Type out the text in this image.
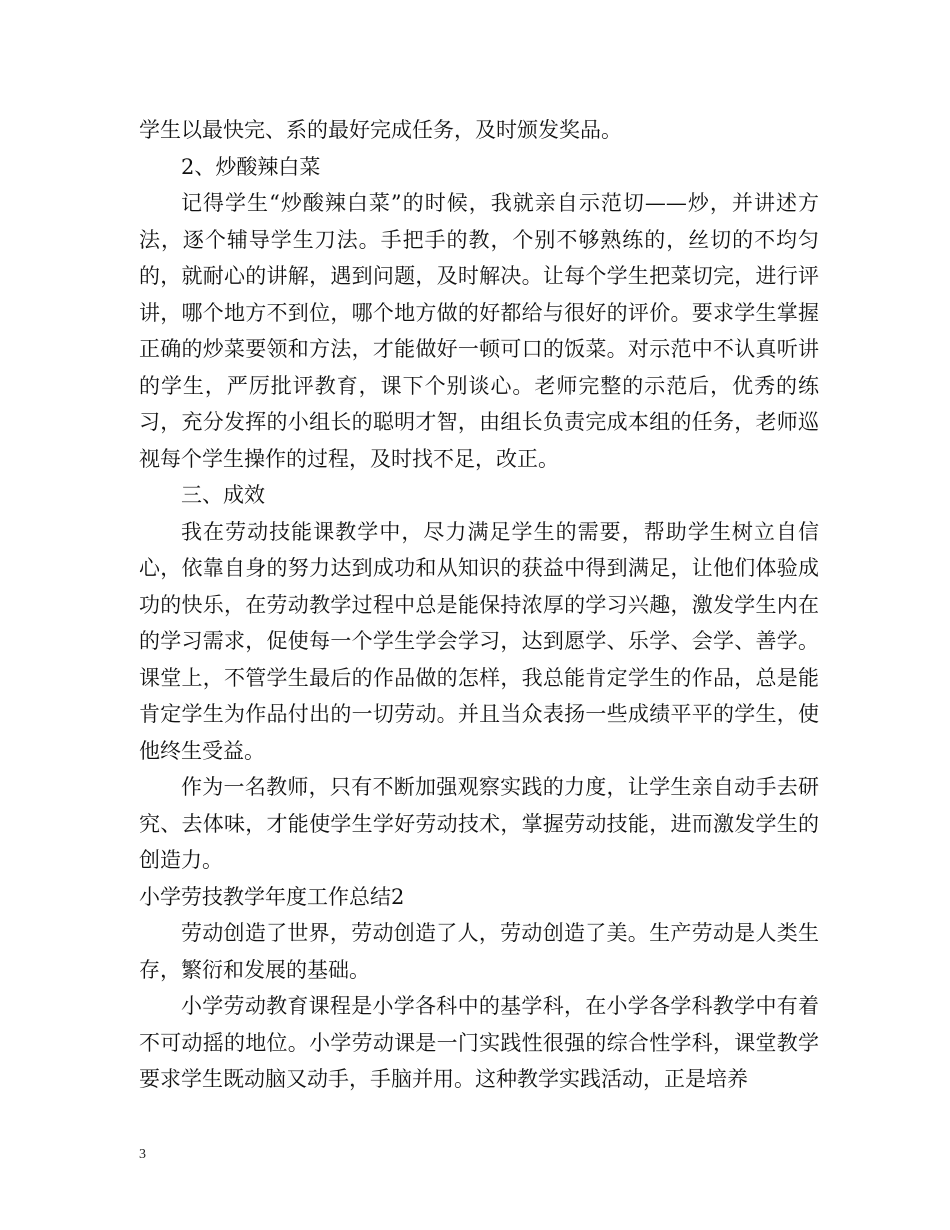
学生以最快完、系的最好完成任务，及时颁发奖品。

2、炒酸辣白菜

记得学生“炒酸辣白菜”的时候，我就亲自示范切——炒，并讲述方法，逐个辅导学生刀法。手把手的教，个别不够熟练的，丝切的不均匀的，就耐心的讲解，遇到问题，及时解决。让每个学生把菜切完，进行评讲，哪个地方不到位，哪个地方做的好都给与很好的评价。要求学生掌握正确的炒菜要领和方法，才能做好一顿可口的饭菜。对示范中不认真听讲的学生，严厉批评教育，课下个别谈心。老师完整的示范后，优秀的练习，充分发挥的小组长的聪明才智，由组长负责完成本组的任务，老师巡视每个学生操作的过程，及时找不足，改正。

三、成效

我在劳动技能课教学中，尽力满足学生的需要，帮助学生树立自信心，依靠自身的努力达到成功和从知识的获益中得到满足，让他们体验成功的快乐，在劳动教学过程中总是能保持浓厚的学习兴趣，激发学生内在的学习需求，促使每一个学生学会学习，达到愿学、乐学、会学、善学。课堂上，不管学生最后的作品做的怎样，我总能肯定学生的作品，总是能肯定学生为作品付出的一切劳动。并且当众表扬一些成绩平平的学生，使他终生受益。

作为一名教师，只有不断加强观察实践的力度，让学生亲自动手去研究、去体味，才能使学生学好劳动技术，掌握劳动技能，进而激发学生的创造力。

小学劳技教学年度工作总结2

劳动创造了世界，劳动创造了人，劳动创造了美。生产劳动是人类生存，繁衍和发展的基础。

小学劳动教育课程是小学各科中的基学科，在小学各学科教学中有着不可动摇的地位。小学劳动课是一门实践性很强的综合性学科，课堂教学要求学生既动脑又动手，手脑并用。这种教学实践活动，正是培养

3
